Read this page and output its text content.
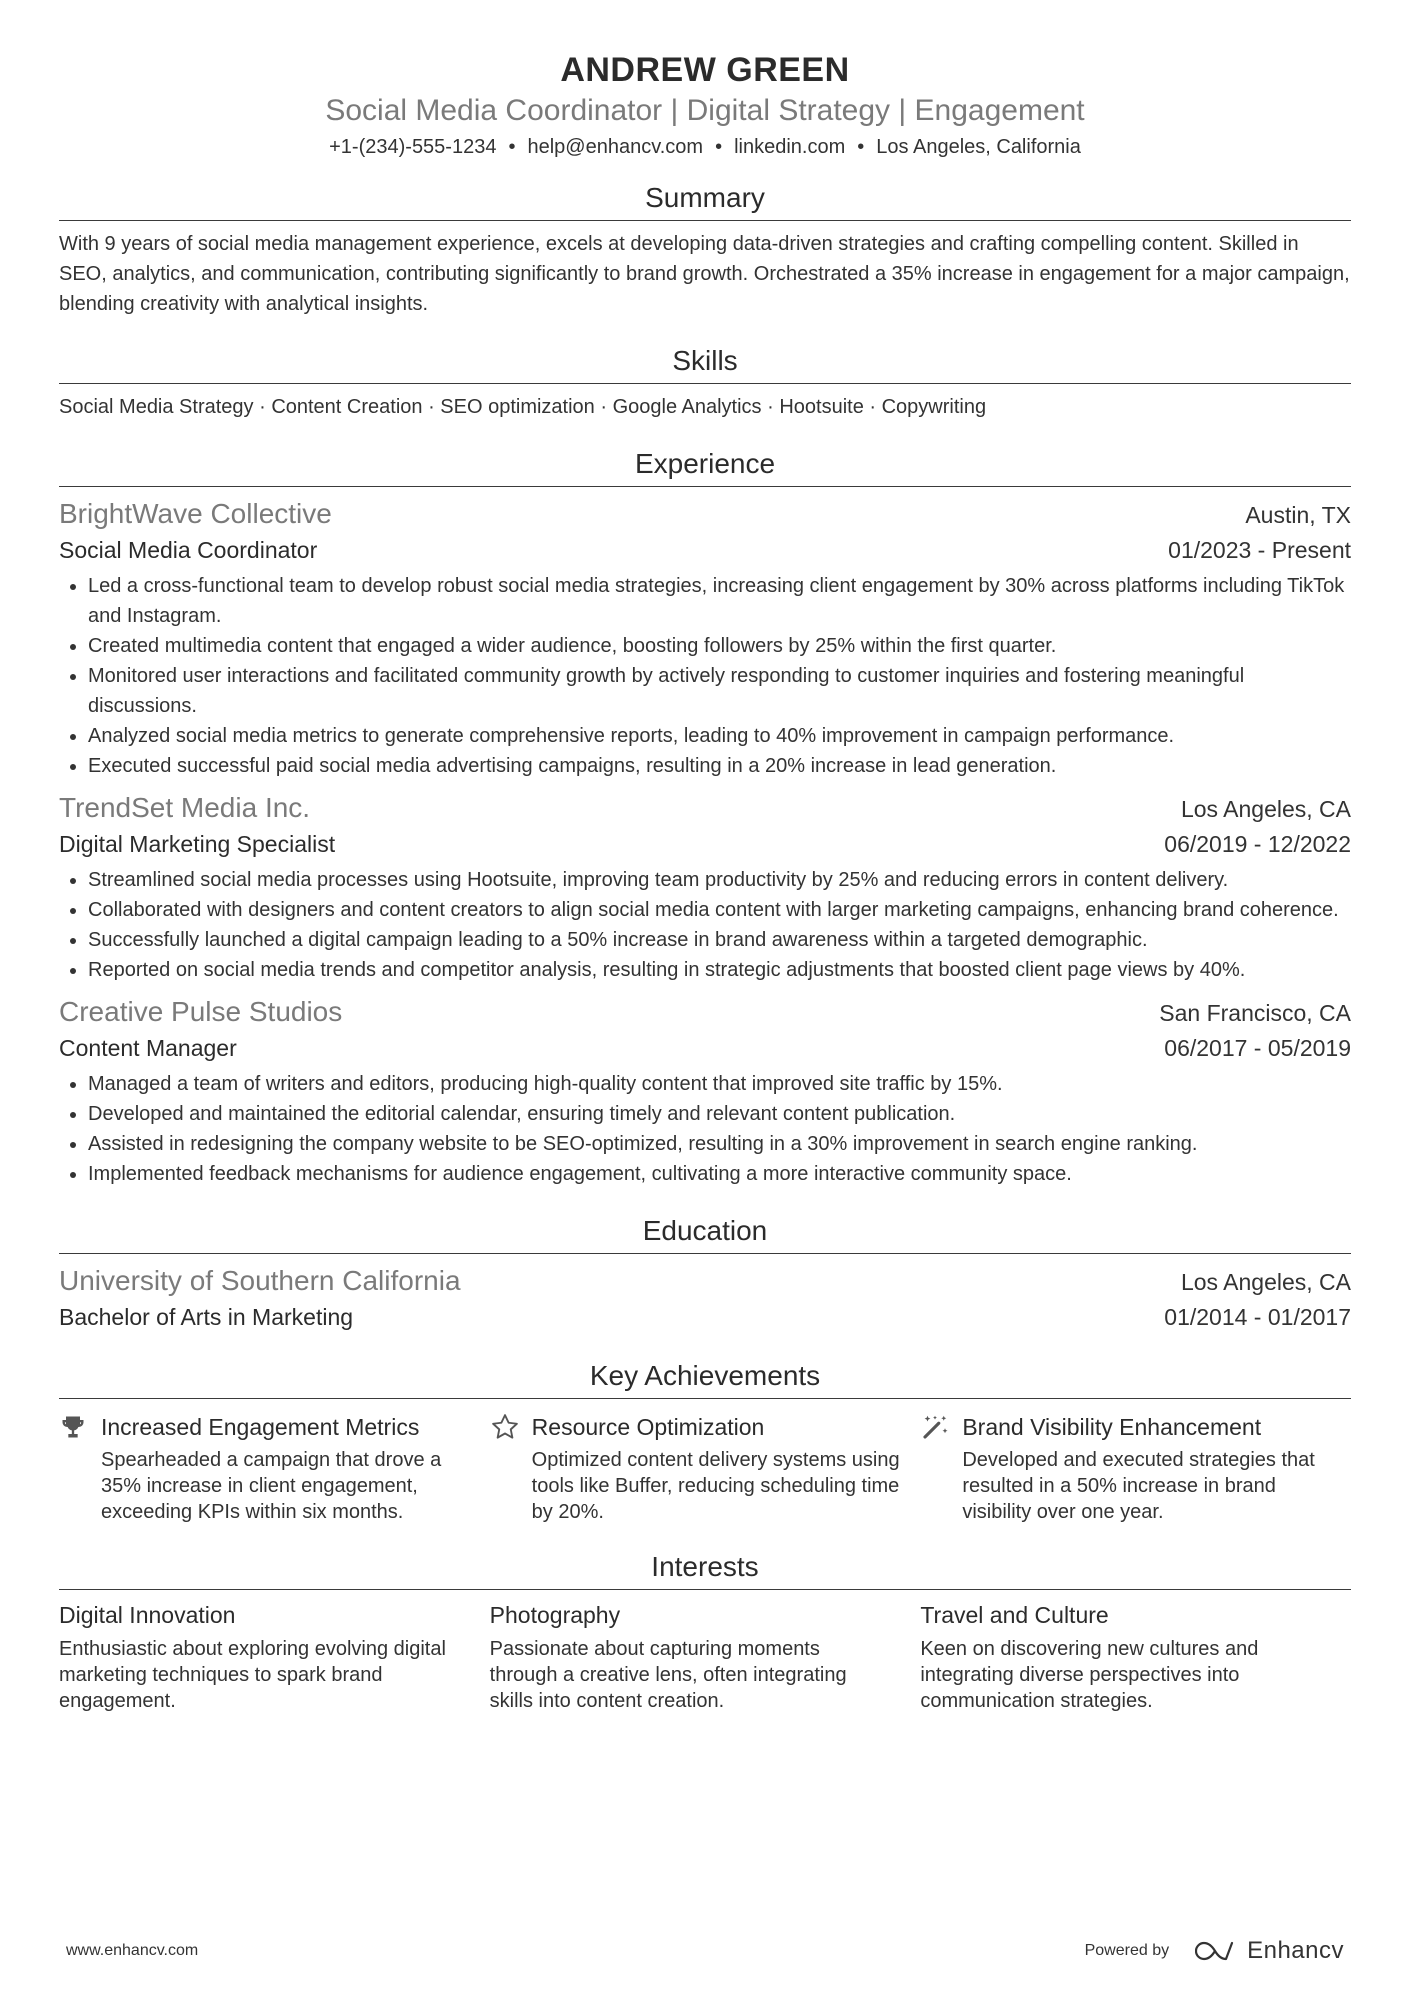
ANDREW GREEN
Social Media Coordinator | Digital Strategy | Engagement
+1-(234)-555-1234 • help@enhancv.com • linkedin.com • Los Angeles, California
Summary
With 9 years of social media management experience, excels at developing data-driven strategies and crafting compelling content. Skilled in SEO, analytics, and communication, contributing significantly to brand growth. Orchestrated a 35% increase in engagement for a major campaign, blending creativity with analytical insights.
Skills
Social Media Strategy · Content Creation · SEO optimization · Google Analytics · Hootsuite · Copywriting
Experience
BrightWave Collective	Austin, TX
Social Media Coordinator	01/2023 - Present
• Led a cross-functional team to develop robust social media strategies, increasing client engagement by 30% across platforms including TikTok and Instagram.
• Created multimedia content that engaged a wider audience, boosting followers by 25% within the first quarter.
• Monitored user interactions and facilitated community growth by actively responding to customer inquiries and fostering meaningful discussions.
• Analyzed social media metrics to generate comprehensive reports, leading to 40% improvement in campaign performance.
• Executed successful paid social media advertising campaigns, resulting in a 20% increase in lead generation.
TrendSet Media Inc.	Los Angeles, CA
Digital Marketing Specialist	06/2019 - 12/2022
• Streamlined social media processes using Hootsuite, improving team productivity by 25% and reducing errors in content delivery.
• Collaborated with designers and content creators to align social media content with larger marketing campaigns, enhancing brand coherence.
• Successfully launched a digital campaign leading to a 50% increase in brand awareness within a targeted demographic.
• Reported on social media trends and competitor analysis, resulting in strategic adjustments that boosted client page views by 40%.
Creative Pulse Studios	San Francisco, CA
Content Manager	06/2017 - 05/2019
• Managed a team of writers and editors, producing high-quality content that improved site traffic by 15%.
• Developed and maintained the editorial calendar, ensuring timely and relevant content publication.
• Assisted in redesigning the company website to be SEO-optimized, resulting in a 30% improvement in search engine ranking.
• Implemented feedback mechanisms for audience engagement, cultivating a more interactive community space.
Education
University of Southern California	Los Angeles, CA
Bachelor of Arts in Marketing	01/2014 - 01/2017
Key Achievements
Increased Engagement Metrics
Spearheaded a campaign that drove a 35% increase in client engagement, exceeding KPIs within six months.
Resource Optimization
Optimized content delivery systems using tools like Buffer, reducing scheduling time by 20%.
Brand Visibility Enhancement
Developed and executed strategies that resulted in a 50% increase in brand visibility over one year.
Interests
Digital Innovation
Enthusiastic about exploring evolving digital marketing techniques to spark brand engagement.
Photography
Passionate about capturing moments through a creative lens, often integrating skills into content creation.
Travel and Culture
Keen on discovering new cultures and integrating diverse perspectives into communication strategies.
www.enhancv.com	Powered by	Enhancv
